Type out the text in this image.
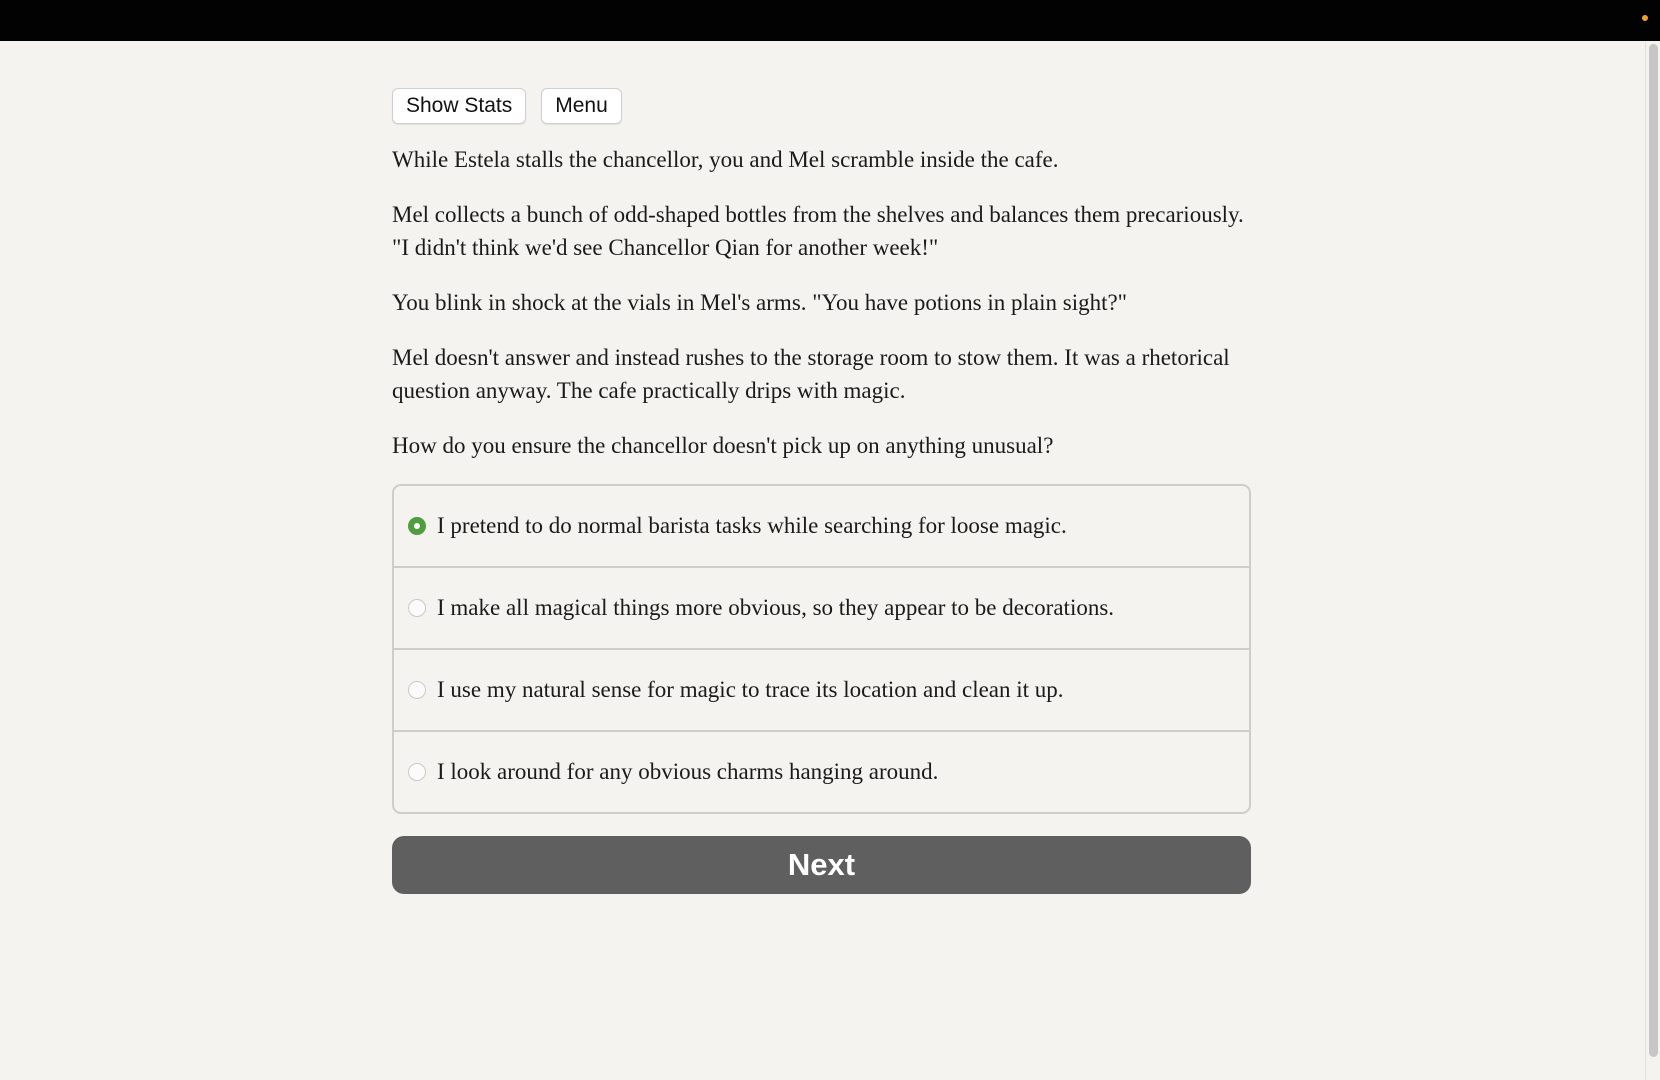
Show Stats	Menu

While Estela stalls the chancellor, you and Mel scramble inside the cafe.

Mel collects a bunch of odd-shaped bottles from the shelves and balances them precariously. "I didn't think we'd see Chancellor Qian for another week!"

You blink in shock at the vials in Mel's arms. "You have potions in plain sight?"

Mel doesn't answer and instead rushes to the storage room to stow them. It was a rhetorical question anyway. The cafe practically drips with magic.

How do you ensure the chancellor doesn't pick up on anything unusual?

I pretend to do normal barista tasks while searching for loose magic.
I make all magical things more obvious, so they appear to be decorations.
I use my natural sense for magic to trace its location and clean it up.
I look around for any obvious charms hanging around.
Next
